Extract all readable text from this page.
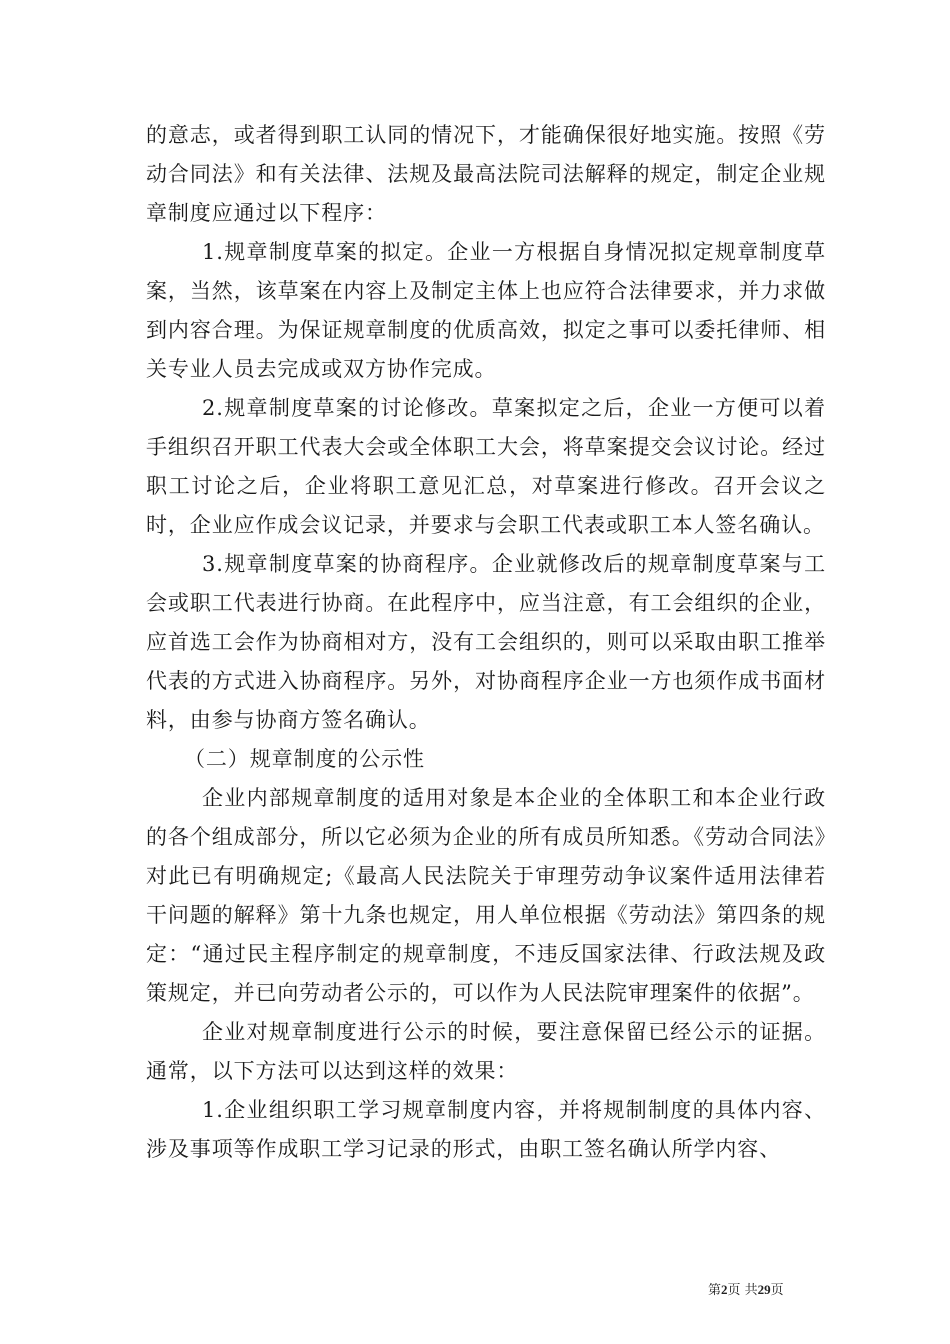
的意志，或者得到职工认同的情况下，才能确保很好地实施。按照《劳动合同法》和有关法律、法规及最高法院司法解释的规定，制定企业规章制度应通过以下程序：

1.规章制度草案的拟定。企业一方根据自身情况拟定规章制度草案，当然，该草案在内容上及制定主体上也应符合法律要求，并力求做到内容合理。为保证规章制度的优质高效，拟定之事可以委托律师、相关专业人员去完成或双方协作完成。

2.规章制度草案的讨论修改。草案拟定之后，企业一方便可以着手组织召开职工代表大会或全体职工大会，将草案提交会议讨论。经过职工讨论之后，企业将职工意见汇总，对草案进行修改。召开会议之时，企业应作成会议记录，并要求与会职工代表或职工本人签名确认。

3.规章制度草案的协商程序。企业就修改后的规章制度草案与工会或职工代表进行协商。在此程序中，应当注意，有工会组织的企业，应首选工会作为协商相对方，没有工会组织的，则可以采取由职工推举代表的方式进入协商程序。另外，对协商程序企业一方也须作成书面材料，由参与协商方签名确认。

（二）规章制度的公示性

企业内部规章制度的适用对象是本企业的全体职工和本企业行政的各个组成部分，所以它必须为企业的所有成员所知悉。《劳动合同法》对此已有明确规定;《最高人民法院关于审理劳动争议案件适用法律若干问题的解释》第十九条也规定，用人单位根据《劳动法》第四条的规定：“通过民主程序制定的规章制度，不违反国家法律、行政法规及政策规定，并已向劳动者公示的，可以作为人民法院审理案件的依据”。

企业对规章制度进行公示的时候，要注意保留已经公示的证据。通常，以下方法可以达到这样的效果：

1.企业组织职工学习规章制度内容，并将规制制度的具体内容、涉及事项等作成职工学习记录的形式，由职工签名确认所学内容、

第2页 共29页
